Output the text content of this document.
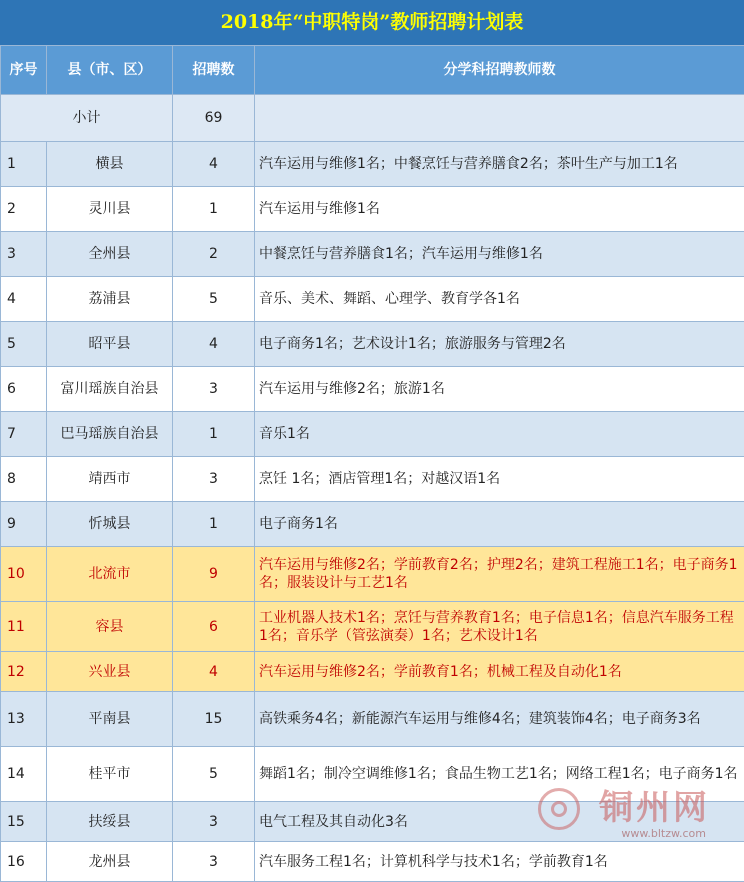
2018年“中职特岗”教师招聘计划表
序号	县（市、区）	招聘数	分学科招聘教师数
小计		69	
1	横县	4	汽车运用与维修1名；中餐烹饪与营养膳食2名；茶叶生产与加工1名
2	灵川县	1	汽车运用与维修1名
3	全州县	2	中餐烹饪与营养膳食1名；汽车运用与维修1名
4	荔浦县	5	音乐、美术、舞蹈、心理学、教育学各1名
5	昭平县	4	电子商务1名；艺术设计1名；旅游服务与管理2名
6	富川瑶族自治县	3	汽车运用与维修2名；旅游1名
7	巴马瑶族自治县	1	音乐1名
8	靖西市	3	烹饪 1名；酒店管理1名；对越汉语1名
9	忻城县	1	电子商务1名
10	北流市	9	汽车运用与维修2名；学前教育2名；护理2名；建筑工程施工1名；电子商务1名；服装设计与工艺1名
11	容县	6	工业机器人技术1名；烹饪与营养教育1名；电子信息1名；信息汽车服务工程1名；音乐学（管弦演奏）1名；艺术设计1名
12	兴业县	4	汽车运用与维修2名；学前教育1名；机械工程及自动化1名
13	平南县	15	高铁乘务4名；新能源汽车运用与维修4名；建筑装饰4名；电子商务3名
14	桂平市	5	舞蹈1名；制冷空调维修1名；食品生物工艺1名；网络工程1名；电子商务1名
15	扶绥县	3	电气工程及其自动化3名
16	龙州县	3	汽车服务工程1名；计算机科学与技术1名；学前教育1名
铜州网
www.bltzw.com
